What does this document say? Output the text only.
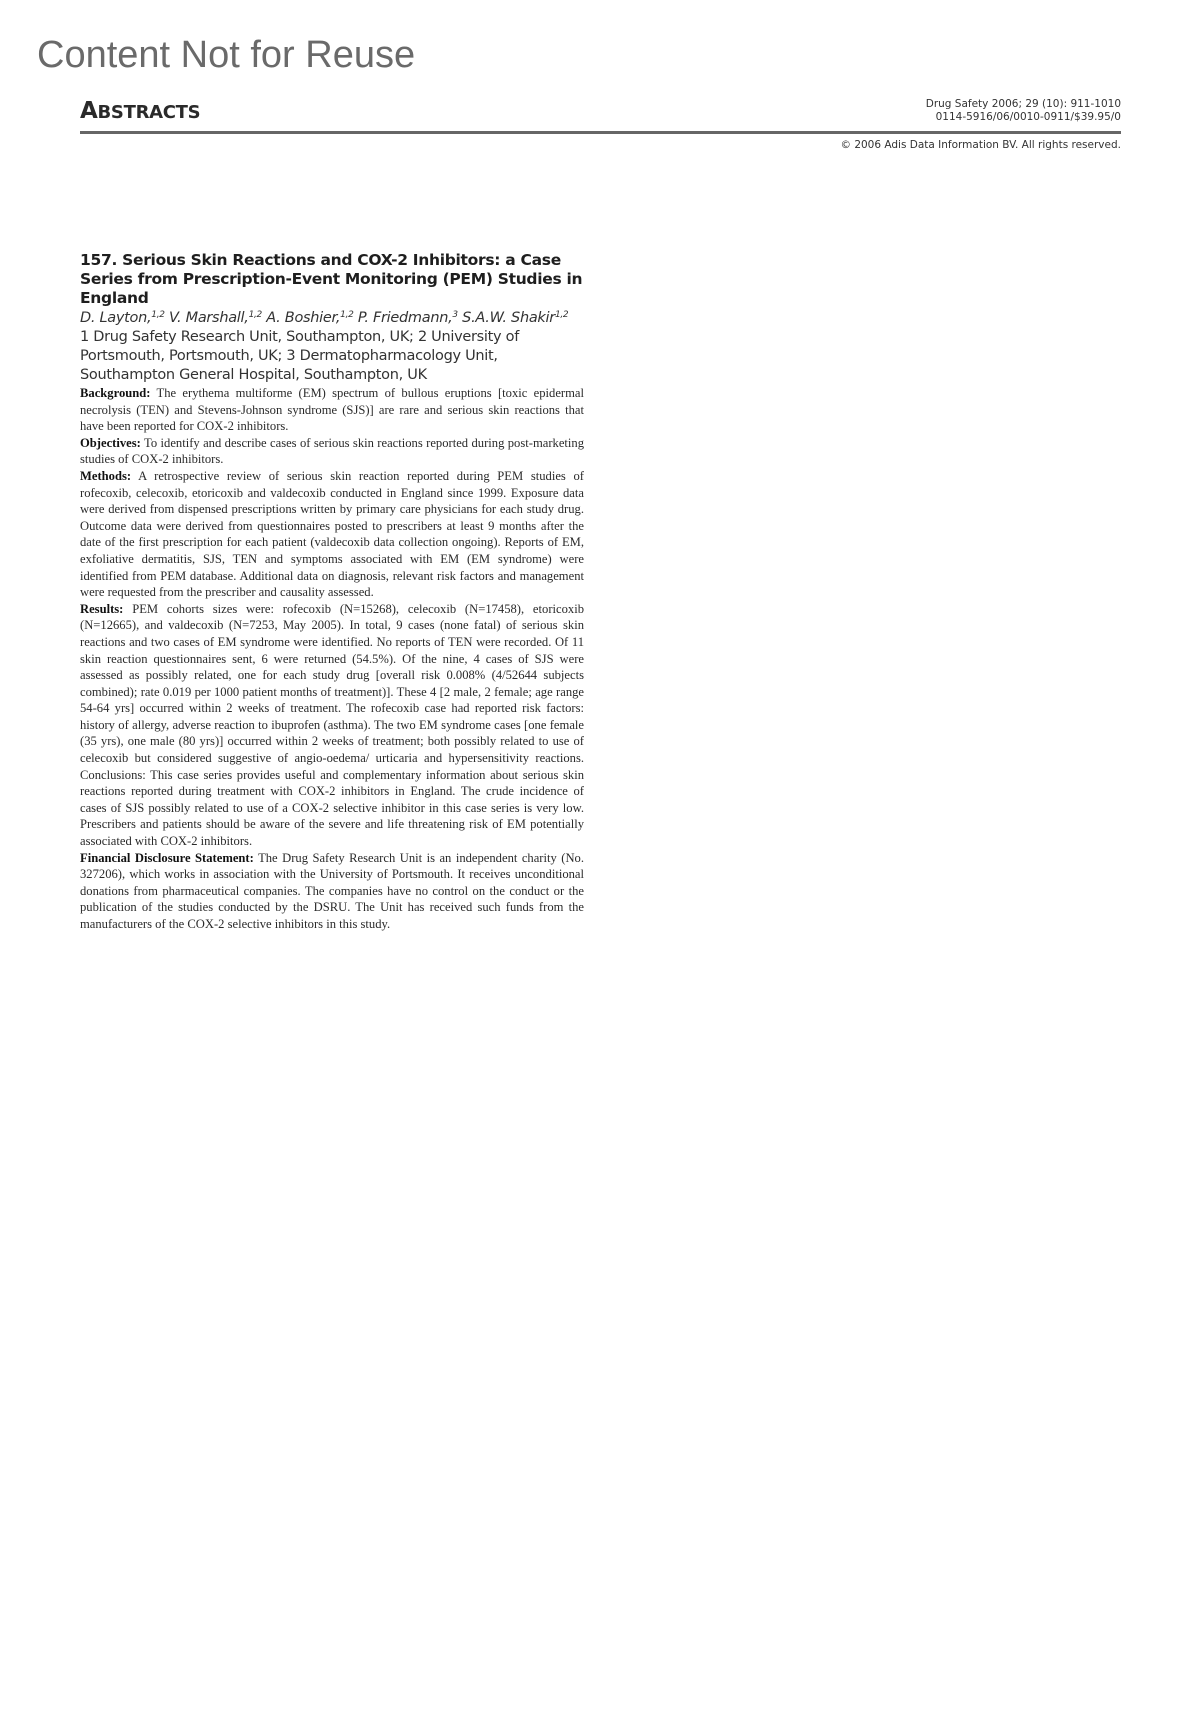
Content Not for Reuse
ABSTRACTS	Drug Safety 2006; 29 (10): 911-1010
0114-5916/06/0010-0911/$39.95/0
© 2006 Adis Data Information BV. All rights reserved.
157. Serious Skin Reactions and COX-2 Inhibitors: a Case Series from Prescription-Event Monitoring (PEM) Studies in England

D. Layton,$^{1,2}$ V. Marshall,$^{1,2}$ A. Boshier,$^{1,2}$ P. Friedmann,$^3$ S.A.W. Shakir$^{1,2}$

1 Drug Safety Research Unit, Southampton, UK; 2 University of Portsmouth, Portsmouth, UK; 3 Dermatopharmacology Unit, Southampton General Hospital, Southampton, UK

Background: The erythema multiforme (EM) spectrum of bullous eruptions [toxic epidermal necrolysis (TEN) and Stevens-Johnson syndrome (SJS)] are rare and serious skin reactions that have been reported for COX-2 inhibitors.

Objectives: To identify and describe cases of serious skin reactions reported during post-marketing studies of COX-2 inhibitors.

Methods: A retrospective review of serious skin reaction reported during PEM studies of rofecoxib, celecoxib, etoricoxib and valdecoxib conducted in England since 1999. Exposure data were derived from dispensed prescriptions written by primary care physicians for each study drug. Outcome data were derived from questionnaires posted to prescribers at least 9 months after the date of the first prescription for each patient (valdecoxib data collection ongoing). Reports of EM, exfoliative dermatitis, SJS, TEN and symptoms associated with EM (EM syndrome) were identified from PEM database. Additional data on diagnosis, relevant risk factors and management were requested from the prescriber and causality assessed.

Results: PEM cohorts sizes were: rofecoxib (N=15268), celecoxib (N=17458), etoricoxib (N=12665), and valdecoxib (N=7253, May 2005). In total, 9 cases (none fatal) of serious skin reactions and two cases of EM syndrome were identified. No reports of TEN were recorded. Of 11 skin reaction questionnaires sent, 6 were returned (54.5%). Of the nine, 4 cases of SJS were assessed as possibly related, one for each study drug [overall risk 0.008% (4/52644 subjects combined); rate 0.019 per 1000 patient months of treatment)]. These 4 [2 male, 2 female; age range 54-64 yrs] occurred within 2 weeks of treatment. The rofecoxib case had reported risk factors: history of allergy, adverse reaction to ibuprofen (asthma). The two EM syndrome cases [one female (35 yrs), one male (80 yrs)] occurred within 2 weeks of treatment; both possibly related to use of celecoxib but considered suggestive of angio-oedema/ urticaria and hypersensitivity reactions. Conclusions: This case series provides useful and complementary information about serious skin reactions reported during treatment with COX-2 inhibitors in England. The crude incidence of cases of SJS possibly related to use of a COX-2 selective inhibitor in this case series is very low. Prescribers and patients should be aware of the severe and life threatening risk of EM potentially associated with COX-2 inhibitors.

Financial Disclosure Statement: The Drug Safety Research Unit is an independent charity (No. 327206), which works in association with the University of Portsmouth. It receives unconditional donations from pharmaceutical companies. The companies have no control on the conduct or the publication of the studies conducted by the DSRU. The Unit has received such funds from the manufacturers of the COX-2 selective inhibitors in this study.
